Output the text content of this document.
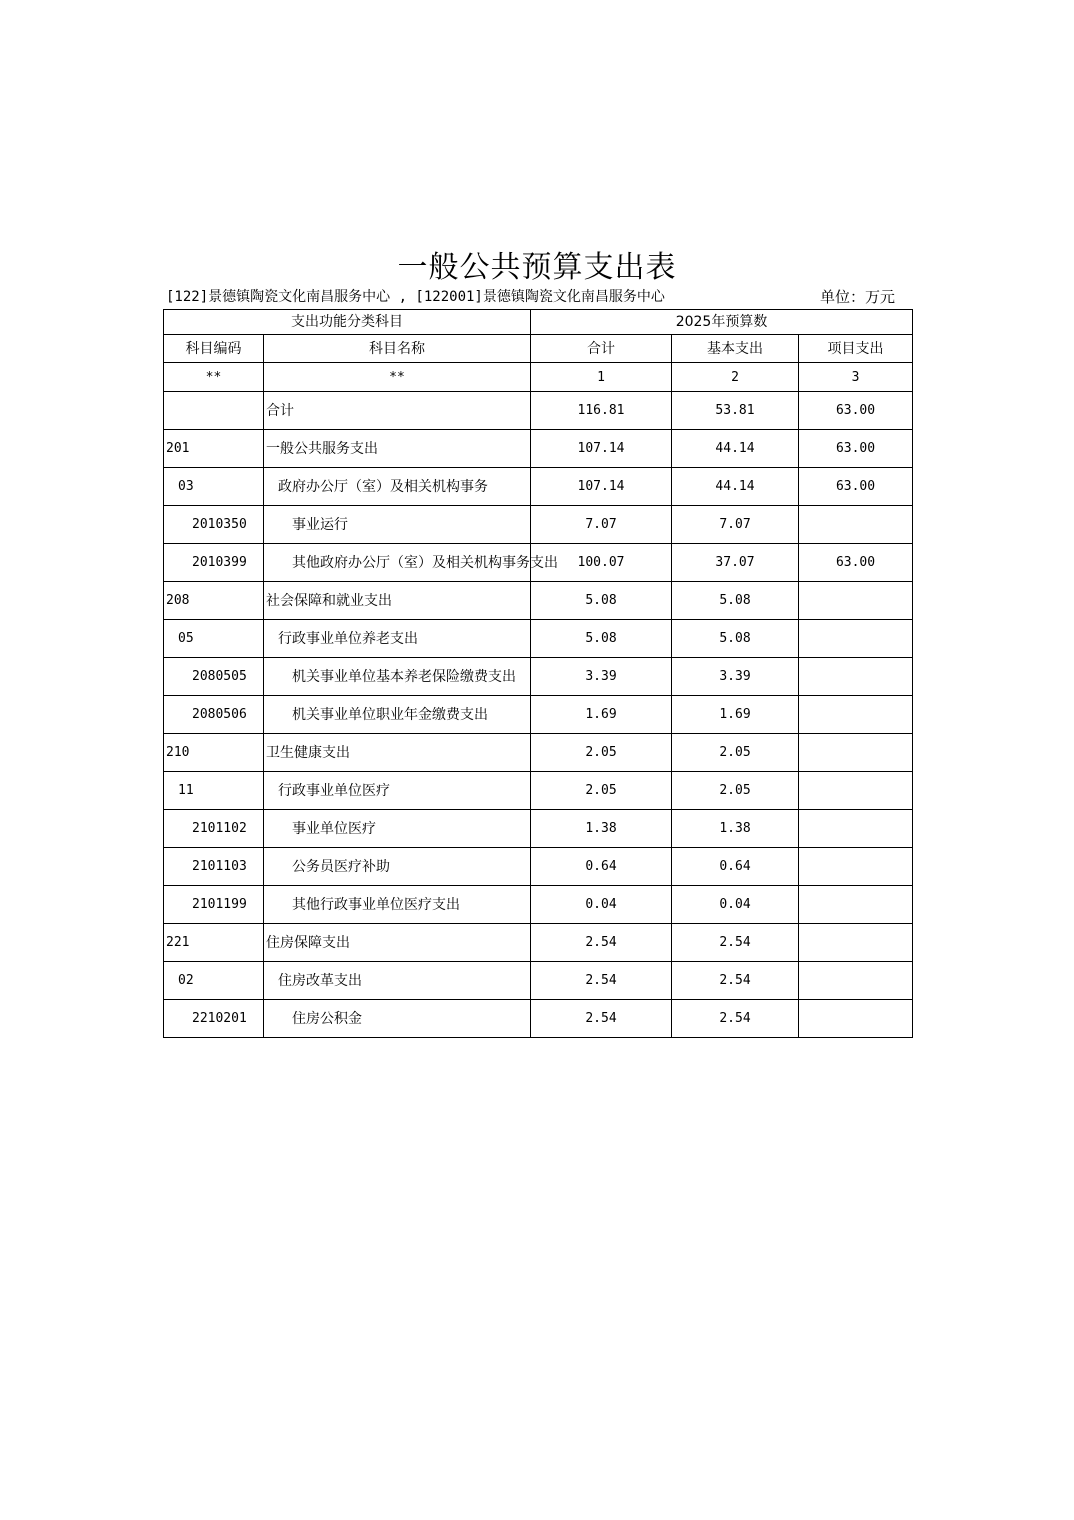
一般公共预算支出表
[122]景德镇陶瓷文化南昌服务中心 , [122001]景德镇陶瓷文化南昌服务中心	单位：万元
支出功能分类科目		2025年预算数		
科目编码	科目名称	合计	基本支出	项目支出
**	**	1	2	3
	合计	116.81	53.81	63.00
201	一般公共服务支出	107.14	44.14	63.00
03	政府办公厅（室）及相关机构事务	107.14	44.14	63.00
2010350	事业运行	7.07	7.07	
2010399	其他政府办公厅（室）及相关机构事务支出	100.07	37.07	63.00
208	社会保障和就业支出	5.08	5.08	
05	行政事业单位养老支出	5.08	5.08	
2080505	机关事业单位基本养老保险缴费支出	3.39	3.39	
2080506	机关事业单位职业年金缴费支出	1.69	1.69	
210	卫生健康支出	2.05	2.05	
11	行政事业单位医疗	2.05	2.05	
2101102	事业单位医疗	1.38	1.38	
2101103	公务员医疗补助	0.64	0.64	
2101199	其他行政事业单位医疗支出	0.04	0.04	
221	住房保障支出	2.54	2.54	
02	住房改革支出	2.54	2.54	
2210201	住房公积金	2.54	2.54	
